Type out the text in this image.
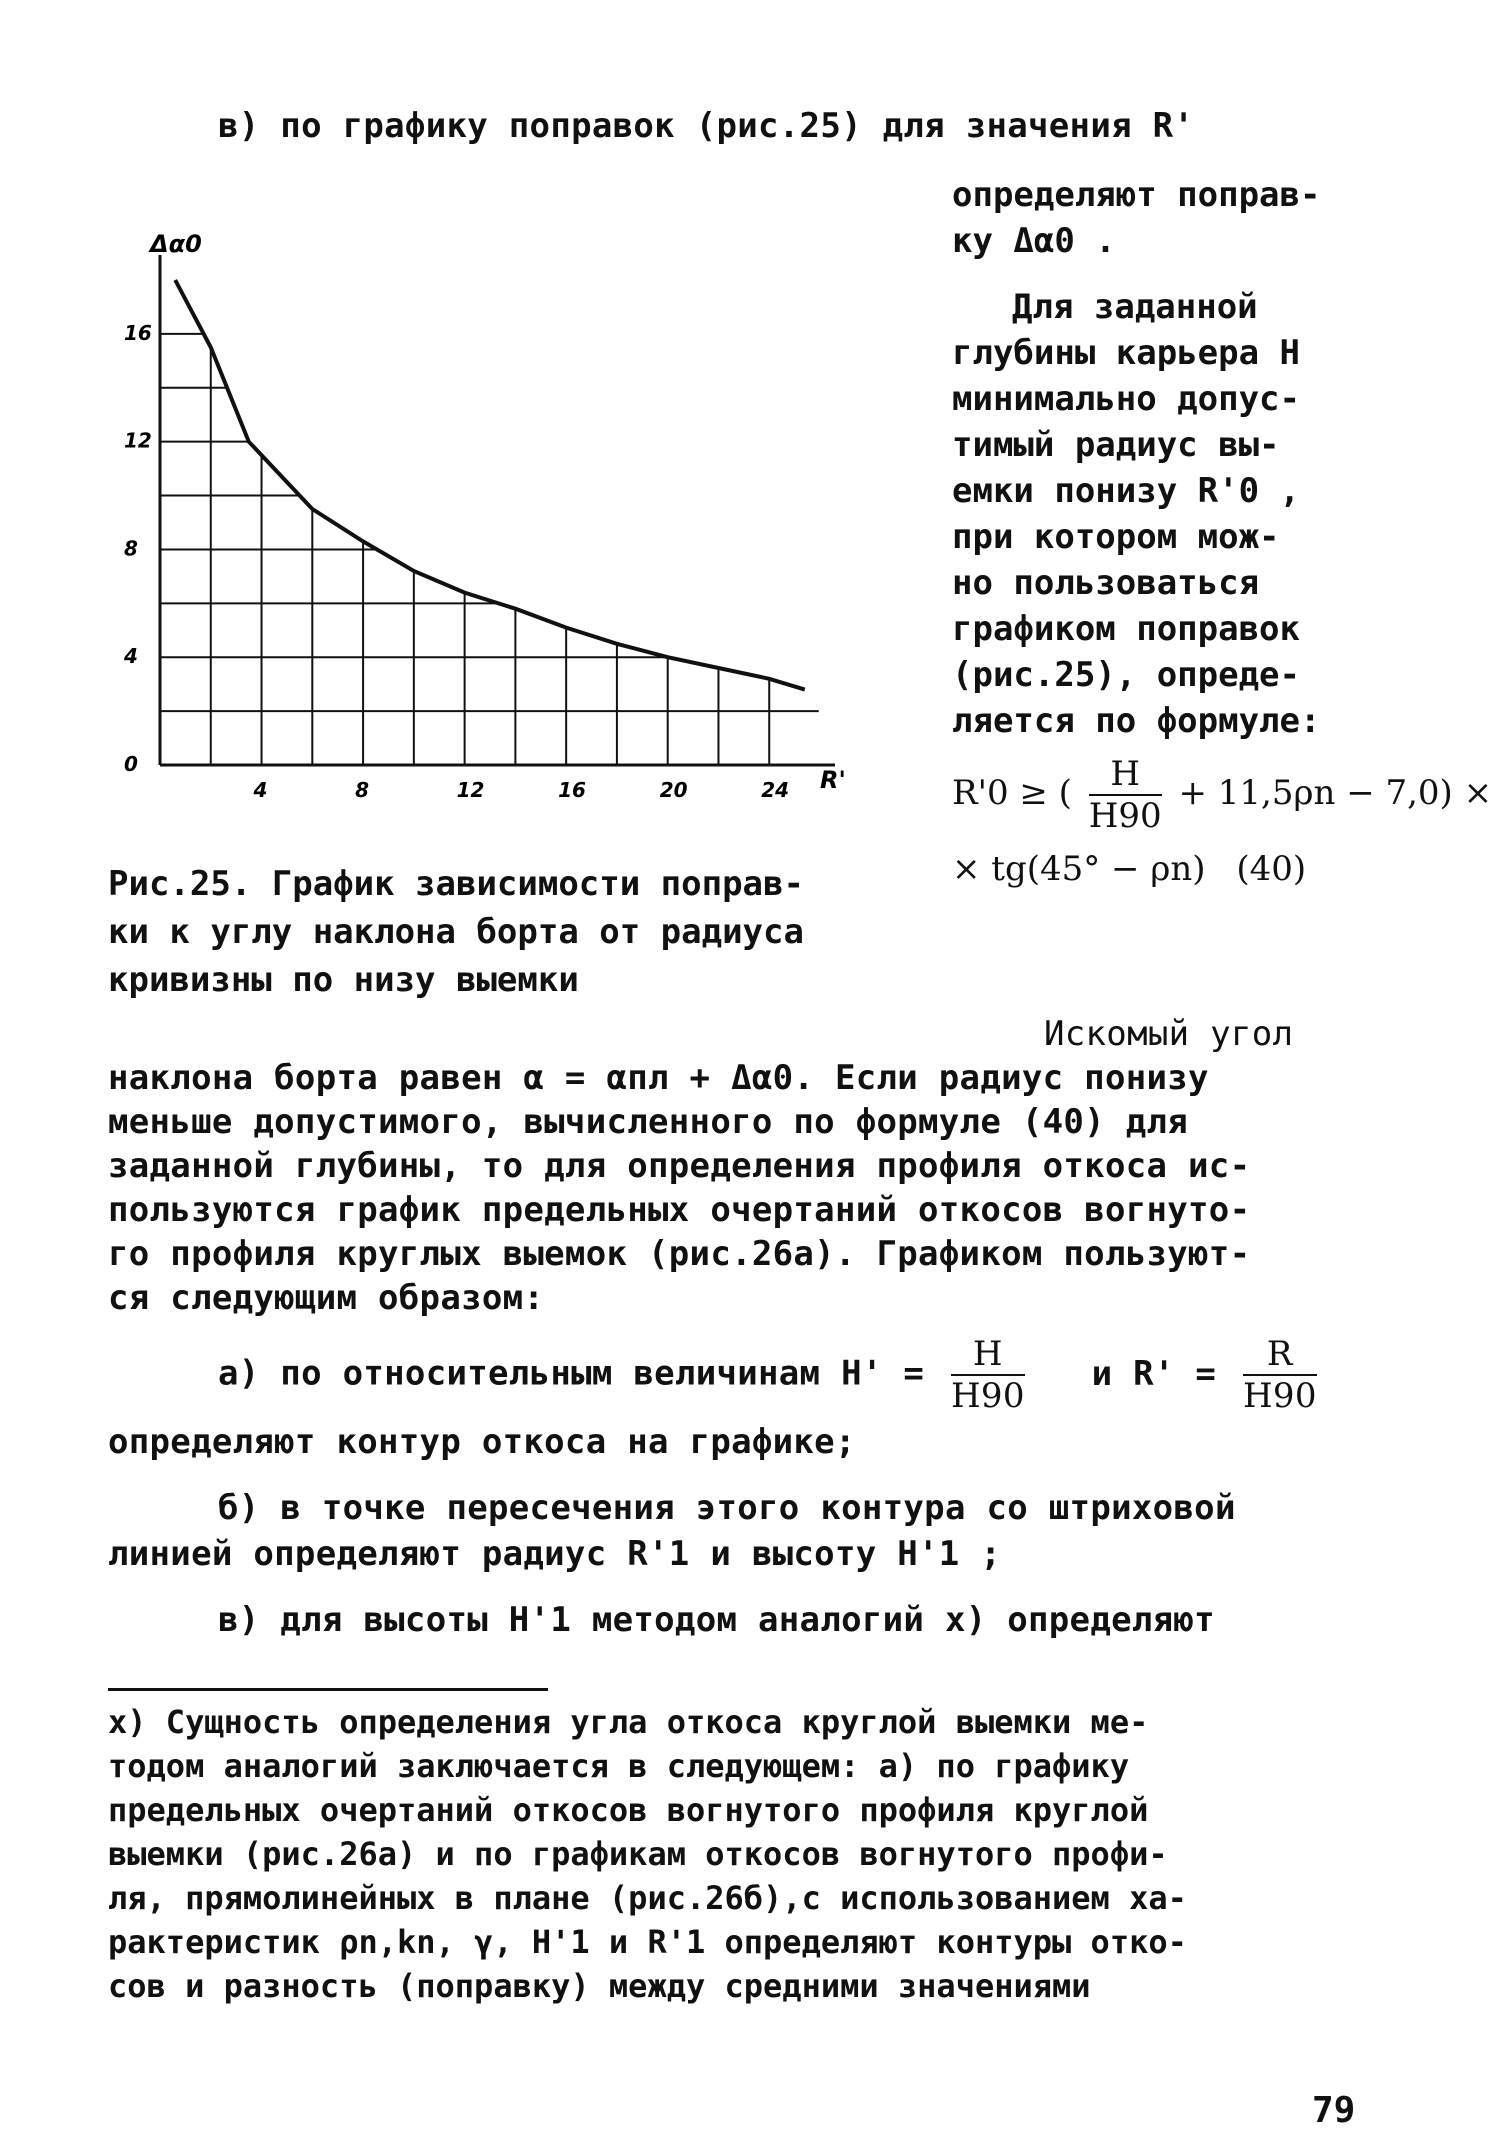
в) по графику поправок (рис.25) для значения R'
4	8	12	16	20	24
0
4
8
12
16
Δα0
R'
Рис.25. График зависимости поправ-
ки к углу наклона борта от радиуса
кривизны по низу выемки
определяют поправ-
ку Δα0 .
Для заданной
глубины карьера H
минимально допус-
тимый радиус вы-
емки понизу R'0 ,
при котором мож-
но пользоваться
графиком поправок
(рис.25), опреде-
ляется по формуле:
R'0 ≥ ( $\frac{H}{H90} + 11,5\rho n - 7,0$) ×
× tg(45° − ρn) (40)
Искомый угол
наклона борта равен α = αпл + Δα0. Если радиус понизу
меньше допустимого, вычисленного по формуле (40) для
заданной глубины, то для определения профиля откоса ис-
пользуются график предельных очертаний откосов вогнуто-
го профиля круглых выемок (рис.26а). Графиком пользуют-
ся следующим образом:
а) по относительным величинам $H' = \frac{H}{H90}$ и $R' = \frac{R}{H90}$
определяют контур откоса на графике;
б) в точке пересечения этого контура со штриховой
линией определяют радиус R'1 и высоту H'1 ;
в) для высоты H'1 методом аналогий x) определяют
x) Сущность определения угла откоса круглой выемки ме-
тодом аналогий заключается в следующем: а) по графику
предельных очертаний откосов вогнутого профиля круглой
выемки (рис.26а) и по графикам откосов вогнутого профи-
ля, прямолинейных в плане (рис.26б),с использованием ха-
рактеристик ρn,kn, γ, H'1 и R'1 определяют контуры отко-
сов и разность (поправку) между средними значениями
79
